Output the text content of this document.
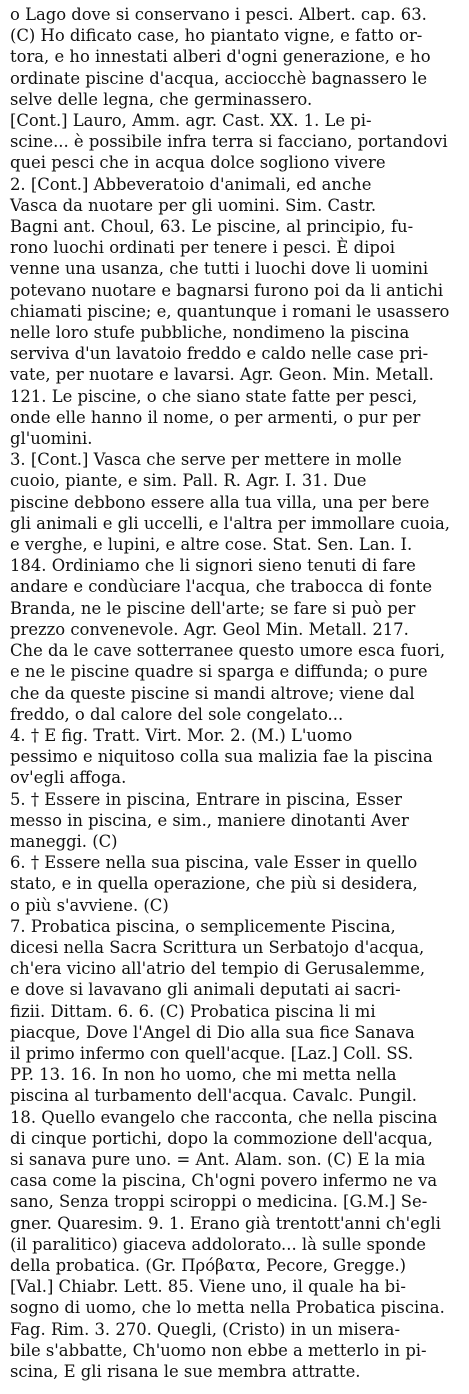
o Lago dove si conservano i pesci. Albert. cap. 63.

(C) Ho dificato case, ho piantato vigne, e fatto or-

tora, e ho innestati alberi d'ogni generazione, e ho

ordinate piscine d'acqua, acciocchè bagnassero le

selve delle legna, che germinassero.

[Cont.] Lauro, Amm. agr. Cast. XX. 1. Le pi-

scine... è possibile infra terra si facciano, portandovi

quei pesci che in acqua dolce sogliono vivere

2. [Cont.] Abbeveratoio d'animali, ed anche

Vasca da nuotare per gli uomini. Sim. Castr.

Bagni ant. Choul, 63. Le piscine, al principio, fu-

rono luochi ordinati per tenere i pesci. È dipoi

venne una usanza, che tutti i luochi dove li uomini

potevano nuotare e bagnarsi furono poi da li antichi

chiamati piscine; e, quantunque i romani le usassero

nelle loro stufe pubbliche, nondimeno la piscina

serviva d'un lavatoio freddo e caldo nelle case pri-

vate, per nuotare e lavarsi. Agr. Geon. Min. Metall.

121. Le piscine, o che siano state fatte per pesci,

onde elle hanno il nome, o per armenti, o pur per

gl'uomini.

3. [Cont.] Vasca che serve per mettere in molle

cuoio, piante, e sim. Pall. R. Agr. I. 31. Due

piscine debbono essere alla tua villa, una per bere

gli animali e gli uccelli, e l'altra per immollare cuoia,

e verghe, e lupini, e altre cose. Stat. Sen. Lan. I.

184. Ordiniamo che li signori sieno tenuti di fare

andare e condùciare l'acqua, che trabocca di fonte

Branda, ne le piscine dell'arte; se fare si può per

prezzo convenevole. Agr. Geol Min. Metall. 217.

Che da le cave sotterranee questo umore esca fuori,

e ne le piscine quadre si sparga e diffunda; o pure

che da queste piscine si mandi altrove; viene dal

freddo, o dal calore del sole congelato...

4. † E fig. Tratt. Virt. Mor. 2. (M.) L'uomo

pessimo e niquitoso colla sua malizia fae la piscina

ov'egli affoga.

5. † Essere in piscina, Entrare in piscina, Esser

messo in piscina, e sim., maniere dinotanti Aver

maneggi. (C)

6. † Essere nella sua piscina, vale Esser in quello

stato, e in quella operazione, che più si desidera,

o più s'avviene. (C)

7. Probatica piscina, o semplicemente Piscina,

dicesi nella Sacra Scrittura un Serbatojo d'acqua,

ch'era vicino all'atrio del tempio di Gerusalemme,

e dove si lavavano gli animali deputati ai sacri-

fizii. Dittam. 6. 6. (C) Probatica piscina li mi

piacque, Dove l'Angel di Dio alla sua fice Sanava

il primo infermo con quell'acque. [Laz.] Coll. SS.

PP. 13. 16. In non ho uomo, che mi metta nella

piscina al turbamento dell'acqua. Cavalc. Pungil.

18. Quello evangelo che racconta, che nella piscina

di cinque portichi, dopo la commozione dell'acqua,

si sanava pure uno. = Ant. Alam. son. (C) E la mia

casa come la piscina, Ch'ogni povero infermo ne va

sano, Senza troppi sciroppi o medicina. [G.M.] Se-

gner. Quaresim. 9. 1. Erano già trentott'anni ch'egli

(il paralitico) giaceva addolorato... là sulle sponde

della probatica. (Gr. Πρόβατα, Pecore, Gregge.)

[Val.] Chiabr. Lett. 85. Viene uno, il quale ha bi-

sogno di uomo, che lo metta nella Probatica piscina.

Fag. Rim. 3. 270. Quegli, (Cristo) in un misera-

bile s'abbatte, Ch'uomo non ebbe a metterlo in pi-

scina, E gli risana le sue membra attratte.
